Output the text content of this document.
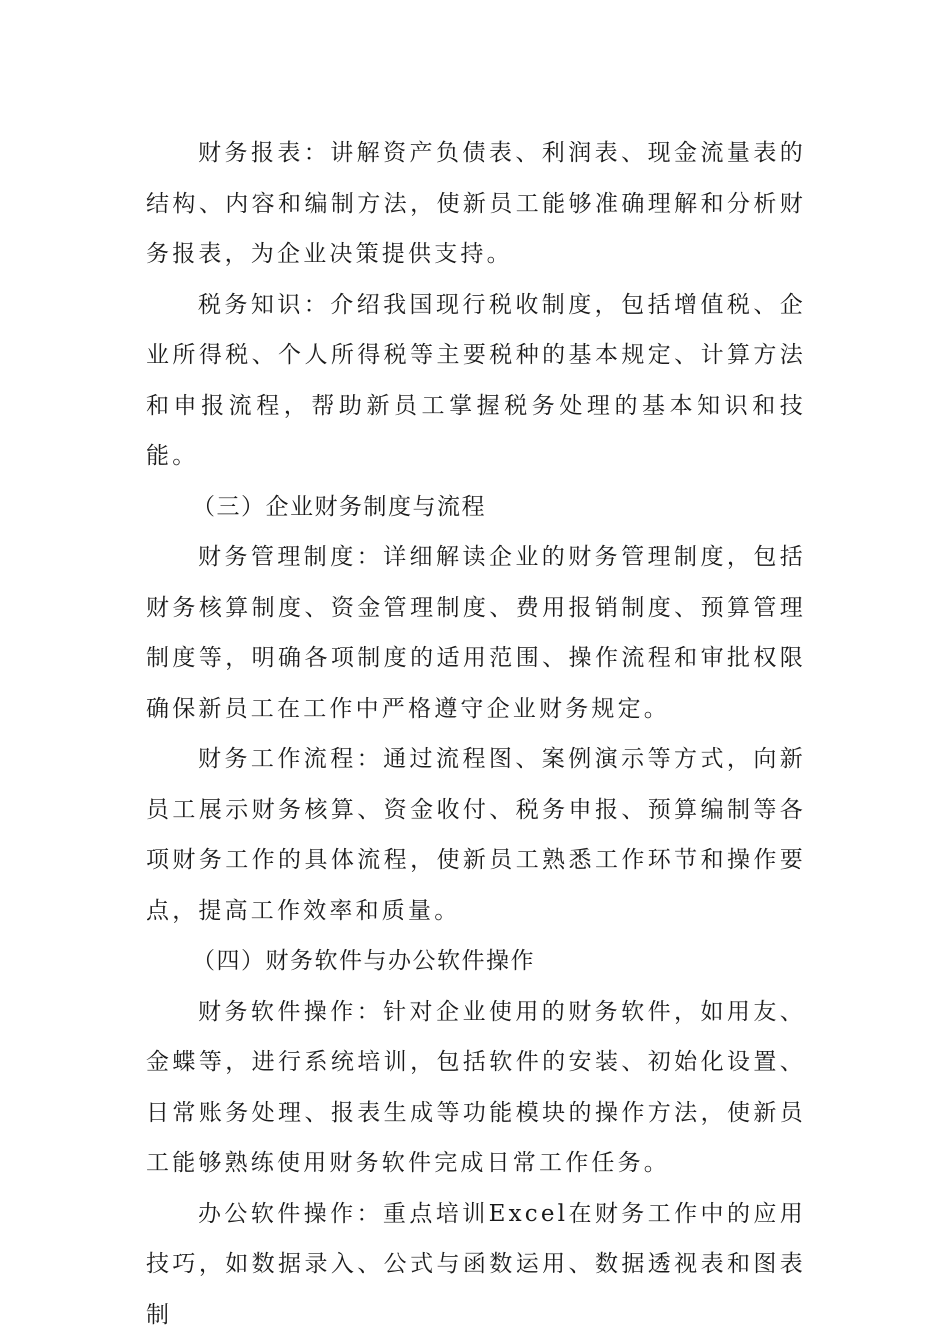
财务报表：讲解资产负债表、利润表、现金流量表的结构、内容和编制方法，使新员工能够准确理解和分析财务报表，为企业决策提供支持。

税务知识：介绍我国现行税收制度，包括增值税、企业所得税、个人所得税等主要税种的基本规定、计算方法和申报流程，帮助新员工掌握税务处理的基本知识和技能。

（三）企业财务制度与流程

财务管理制度：详细解读企业的财务管理制度，包括财务核算制度、资金管理制度、费用报销制度、预算管理制度等，明确各项制度的适用范围、操作流程和审批权限确保新员工在工作中严格遵守企业财务规定。

财务工作流程：通过流程图、案例演示等方式，向新员工展示财务核算、资金收付、税务申报、预算编制等各项财务工作的具体流程，使新员工熟悉工作环节和操作要点，提高工作效率和质量。

（四）财务软件与办公软件操作

财务软件操作：针对企业使用的财务软件，如用友、金蝶等，进行系统培训，包括软件的安装、初始化设置、日常账务处理、报表生成等功能模块的操作方法，使新员工能够熟练使用财务软件完成日常工作任务。

办公软件操作：重点培训Excel在财务工作中的应用技巧，如数据录入、公式与函数运用、数据透视表和图表制
